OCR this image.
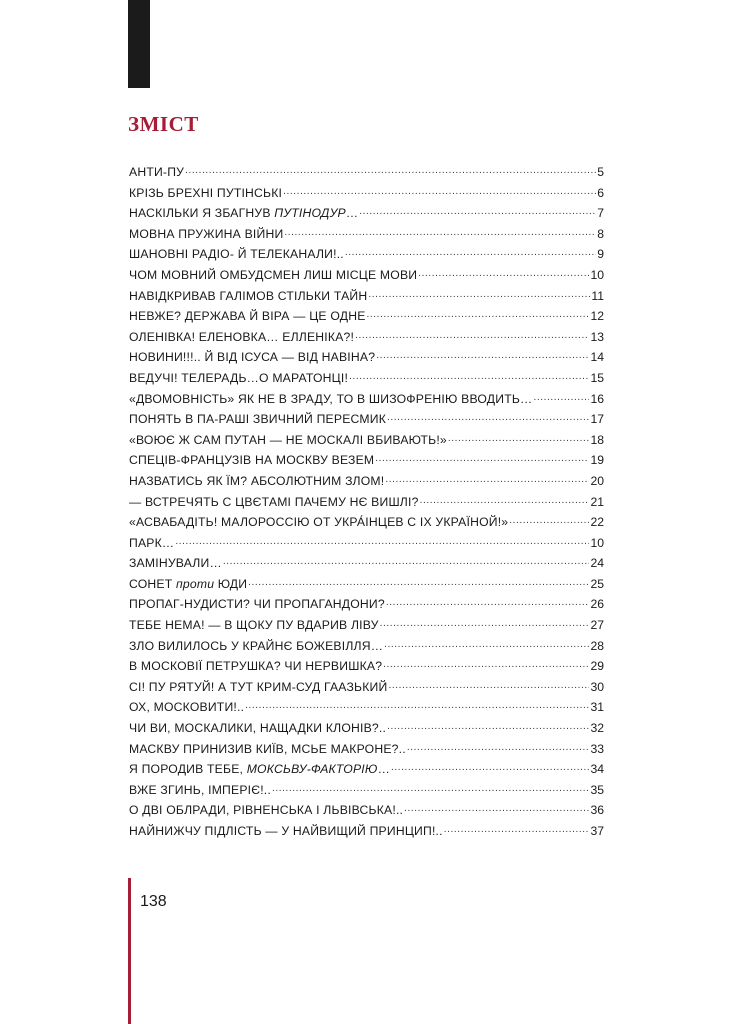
ЗМІСТ
АНТИ-ПУ .....	5
КРІЗЬ БРЕХНІ ПУТІНСЬКІ .....	6
НАСКІЛЬКИ Я ЗБАГНУВ ПУТІНОДУР… .....	7
МОВНА ПРУЖИНА ВІЙНИ .....	8
ШАНОВНІ РАДІО- Й ТЕЛЕКАНАЛИ!.. .....	9
ЧОМ МОВНИЙ ОМБУДСМЕН ЛИШ МІСЦЕ МОВИ .....	10
НАВІДКРИВАВ ГАЛІМОВ СТІЛЬКИ ТАЙН .....	11
НЕВЖЕ? ДЕРЖАВА Й ВІРА — ЦЕ ОДНЕ .....	12
ОЛЕНІВКА! ЕЛЕНОВКА… ЕЛЛЕНІКА?! .....	13
НОВИНИ!!!.. Й ВІД ІСУСА — ВІД НАВІНА? .....	14
ВЕДУЧІ! ТЕЛЕРАДЬ…О МАРАТОНЦІ! .....	15
«ДВОМОВНІСТЬ» ЯК НЕ В ЗРАДУ, ТО В ШИЗОФРЕНІЮ ВВОДИТЬ… .....	16
ПОНЯТЬ В ПА-РАШІ ЗВИЧНИЙ ПЕРЕСМИК .....	17
«ВОЮЄ Ж САМ ПУТАН — НЕ МОСКАЛІ ВБИВАЮТЬ!» .....	18
СПЕЦІВ-ФРАНЦУЗІВ НА МОСКВУ ВЕЗЕМ .....	19
НАЗВАТИСЬ ЯК ЇМ? АБСОЛЮТНИМ ЗЛОМ! .....	20
— ВСТРЕЧЯТЬ С ЦВЄТАМІ ПАЧЕМУ НЄ ВИШЛІ? .....	21
«АСВАБАДІТЬ! МАЛОРОССІЮ ОТ УКРА́ІНЦЕВ С ІХ УКРАЇНОЙ!» .....	22
ПАРК… .....	10
ЗАМІНУВАЛИ… .....	24
СОНЕТ проти ЮДИ .....	25
ПРОПАГ-НУДИСТИ? ЧИ ПРОПАГАНДОНИ? .....	26
ТЕБЕ НЕМА! — В ЩОКУ ПУ ВДАРИВ ЛІВУ .....	27
ЗЛО ВИЛИЛОСЬ У КРАЙНЄ БОЖЕВІЛЛЯ… .....	28
В МОСКОВІЇ ПЕТРУШКА? ЧИ НЕРВИШКА? .....	29
СІ! ПУ РЯТУЙ! А ТУТ КРИМ-СУД ГААЗЬКИЙ .....	30
ОХ, МОСКОВИТИ!.. .....	31
ЧИ ВИ, МОСКАЛИКИ, НАЩАДКИ КЛОНІВ?.. .....	32
МАСКВУ ПРИНИЗИВ КИЇВ, МСЬЕ МАКРОНЕ?.. .....	33
Я ПОРОДИВ ТЕБЕ, МОКСЬВУ-ФАКТОРІЮ… .....	34
ВЖЕ ЗГИНЬ, ІМПЕРІЄ!.. .....	35
О ДВІ ОБЛРАДИ, РІВНЕНСЬКА І ЛЬВІВСЬКА!.. .....	36
НАЙНИЖЧУ ПІДЛІСТЬ — У НАЙВИЩИЙ ПРИНЦИП!.. .....	37
138
